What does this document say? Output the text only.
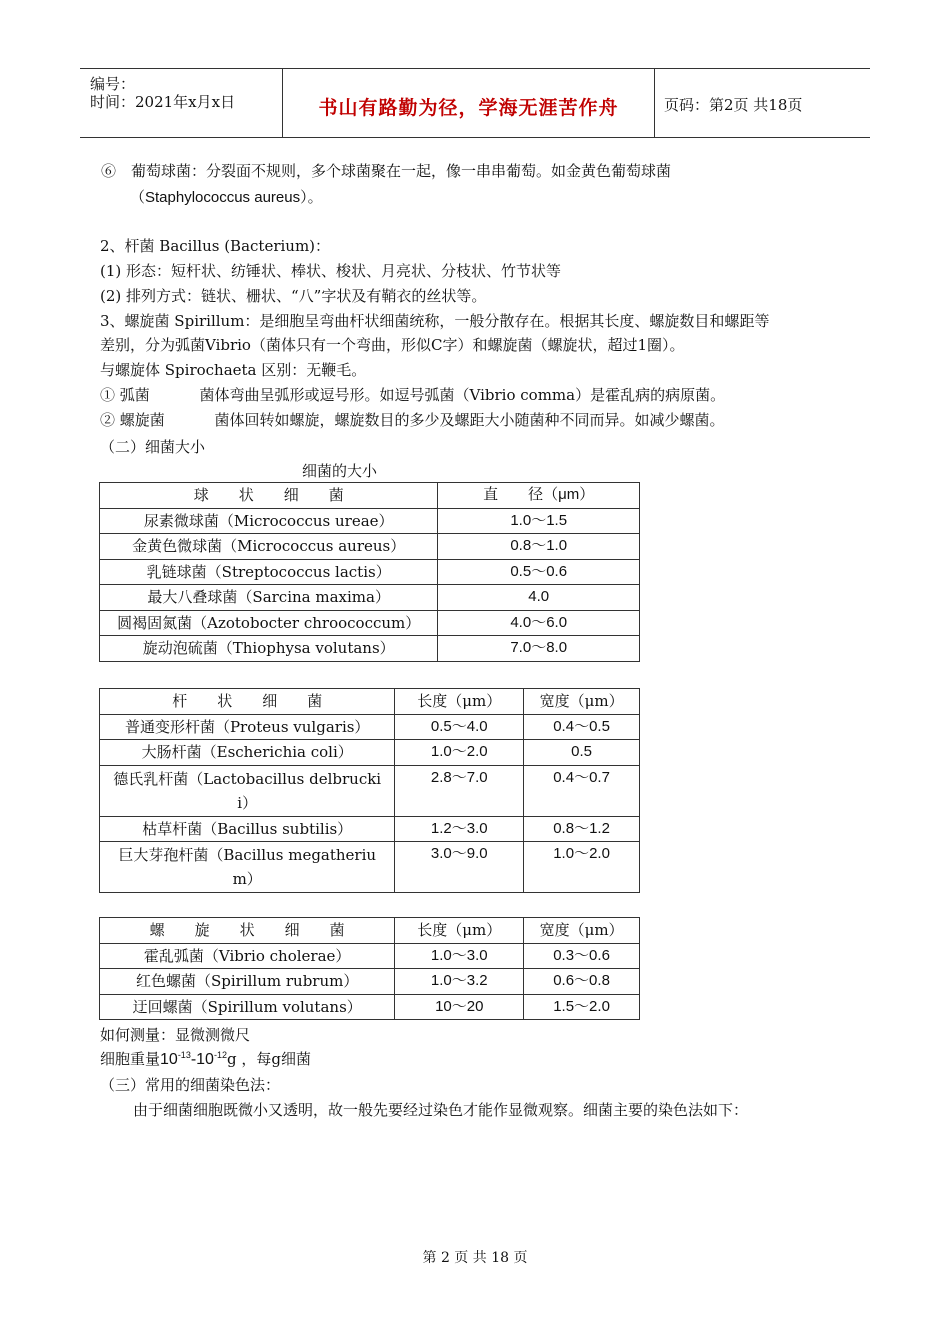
编号：
时间：2021年x月x日	书山有路勤为径，学海无涯苦作舟	页码：第2页 共18页
⑥　葡萄球菌：分裂面不规则，多个球菌聚在一起，像一串串葡萄。如金黄色葡萄球菌
（Staphylococcus aureus）。
2、杆菌 Bacillus (Bacterium)：
(1) 形态：短杆状、纺锤状、棒状、梭状、月亮状、分枝状、竹节状等
(2) 排列方式：链状、栅状、“八”字状及有鞘衣的丝状等。
3、螺旋菌 Spirillum：是细胞呈弯曲杆状细菌统称，一般分散存在。根据其长度、螺旋数目和螺距等
差别，分为弧菌Vibrio（菌体只有一个弯曲，形似C字）和螺旋菌（螺旋状，超过1圈）。
与螺旋体 Spirochaeta 区别：无鞭毛。
① 弧菌　　　 菌体弯曲呈弧形或逗号形。如逗号弧菌（Vibrio comma）是霍乱病的病原菌。
② 螺旋菌　　　 菌体回转如螺旋，螺旋数目的多少及螺距大小随菌种不同而异。如减少螺菌。
（二）细菌大小
细菌的大小
球　　状　　细　　菌	直　　径（μm）
尿素微球菌（Micrococcus ureae）	1.0～1.5
金黄色微球菌（Micrococcus aureus）	0.8～1.0
乳链球菌（Streptococcus lactis）	0.5～0.6
最大八叠球菌（Sarcina maxima）	4.0
圆褐固氮菌（Azotobocter chroococcum）	4.0～6.0
旋动泡硫菌（Thiophysa volutans）	7.0～8.0
杆　　状　　细　　菌	长度（μm）	宽度（μm）
普通变形杆菌（Proteus vulgaris）	0.5～4.0	0.4～0.5
大肠杆菌（Escherichia coli）	1.0～2.0	0.5

德氏乳杆菌（Lactobacillus delbrucki
i）	2.8～7.0	0.4～0.7
枯草杆菌（Bacillus subtilis）	1.2～3.0	0.8～1.2

巨大芽孢杆菌（Bacillus megatheriu
m）	3.0～9.0	1.0～2.0
螺　　旋　　状　　细　　菌	长度（μm）	宽度（μm）
霍乱弧菌（Vibrio cholerae）	1.0～3.0	0.3～0.6
红色螺菌（Spirillum rubrum）	1.0～3.2	0.6～0.8
迂回螺菌（Spirillum volutans）	10～20	1.5～2.0
如何测量：显微测微尺
细胞重量$10^{-13}-10^{-12}g$ ，每g细菌
（三）常用的细菌染色法：
由于细菌细胞既微小又透明，故一般先要经过染色才能作显微观察。细菌主要的染色法如下：
第 2 页 共 18 页
